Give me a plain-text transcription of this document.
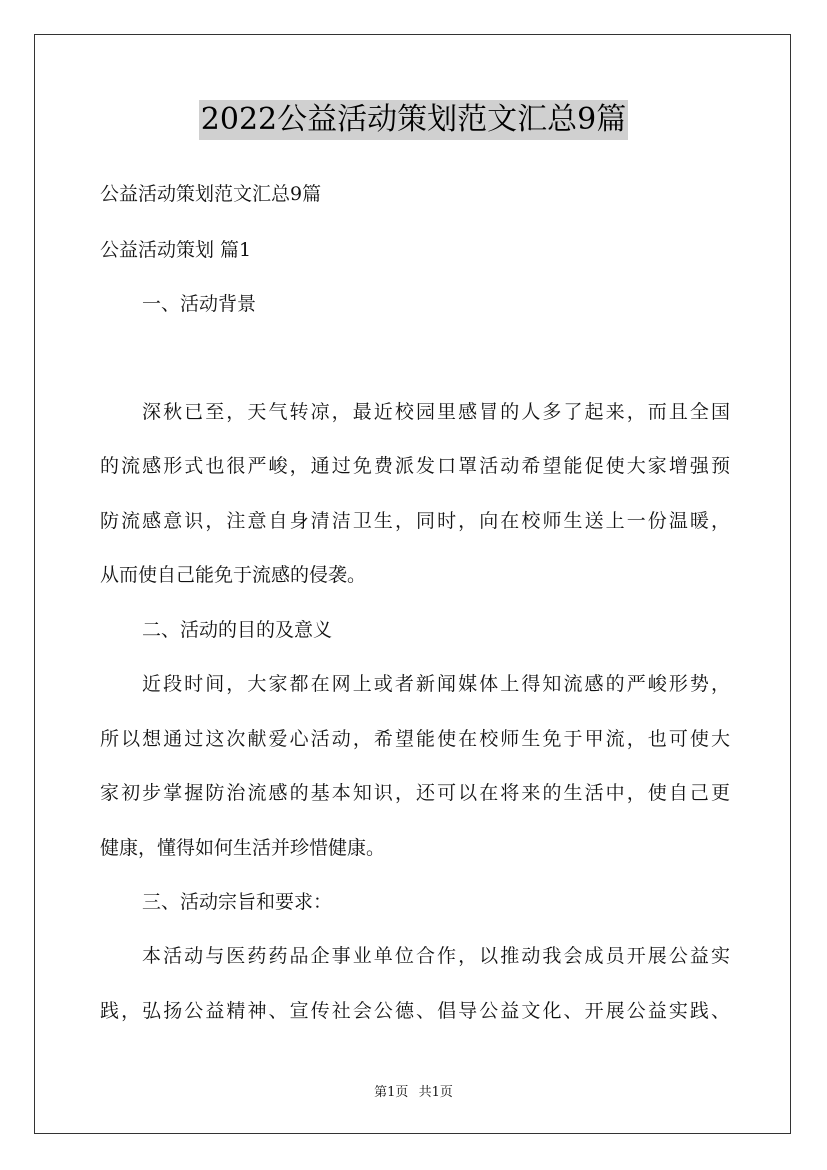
2022公益活动策划范文汇总9篇
公益活动策划范文汇总9篇
公益活动策划 篇1
一、活动背景
深秋已至，天气转凉，最近校园里感冒的人多了起来，而且全国
的流感形式也很严峻，通过免费派发口罩活动希望能促使大家增强预
防流感意识，注意自身清洁卫生，同时，向在校师生送上一份温暖，
从而使自己能免于流感的侵袭。
二、活动的目的及意义
近段时间，大家都在网上或者新闻媒体上得知流感的严峻形势，
所以想通过这次献爱心活动，希望能使在校师生免于甲流，也可使大
家初步掌握防治流感的基本知识，还可以在将来的生活中，使自己更
健康，懂得如何生活并珍惜健康。
三、活动宗旨和要求：
本活动与医药药品企事业单位合作，以推动我会成员开展公益实
践，弘扬公益精神、宣传社会公德、倡导公益文化、开展公益实践、
第1页 共1页
